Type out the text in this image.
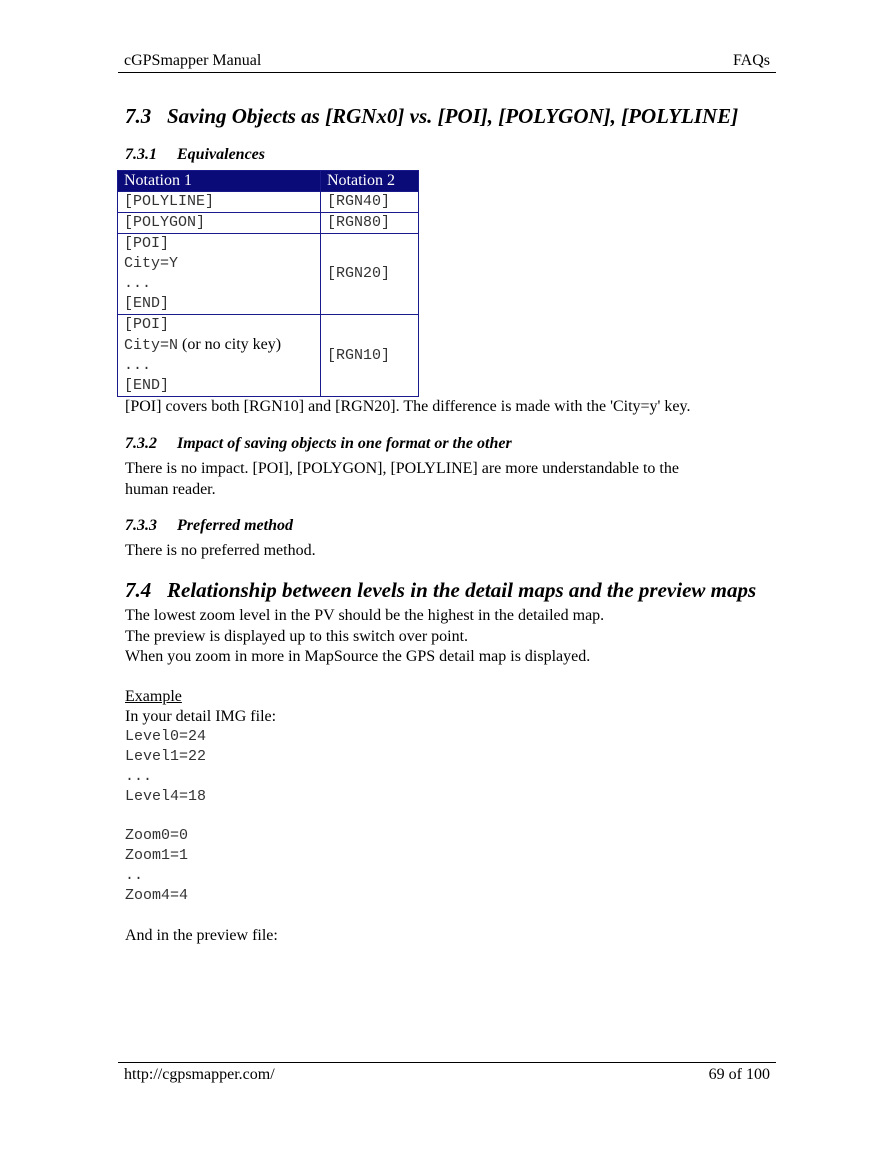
cGPSmapper Manual	FAQs
7.3 Saving Objects as [RGNx0] vs. [POI], [POLYGON], [POLYLINE]
7.3.1 Equivalences
Notation 1	Notation 2

[POLYLINE]	[RGN40]

[POLYGON]	[RGN80]

[POI]
City=Y
...
[END]	[RGN20]

[POI]
City=N (or no city key)
...
[END]	[RGN10]
[POI] covers both [RGN10] and [RGN20]. The difference is made with the 'City=y' key.
7.3.2 Impact of saving objects in one format or the other
There is no impact. [POI], [POLYGON], [POLYLINE] are more understandable to the
human reader.
7.3.3 Preferred method
There is no preferred method.
7.4 Relationship between levels in the detail maps and the preview maps
The lowest zoom level in the PV should be the highest in the detailed map.
The preview is displayed up to this switch over point.
When you zoom in more in MapSource the GPS detail map is displayed.
Example
In your detail IMG file:
Level0=24
Level1=22
...
Level4=18
Zoom0=0
Zoom1=1
..
Zoom4=4
And in the preview file:
http://cgpsmapper.com/	69 of 100
